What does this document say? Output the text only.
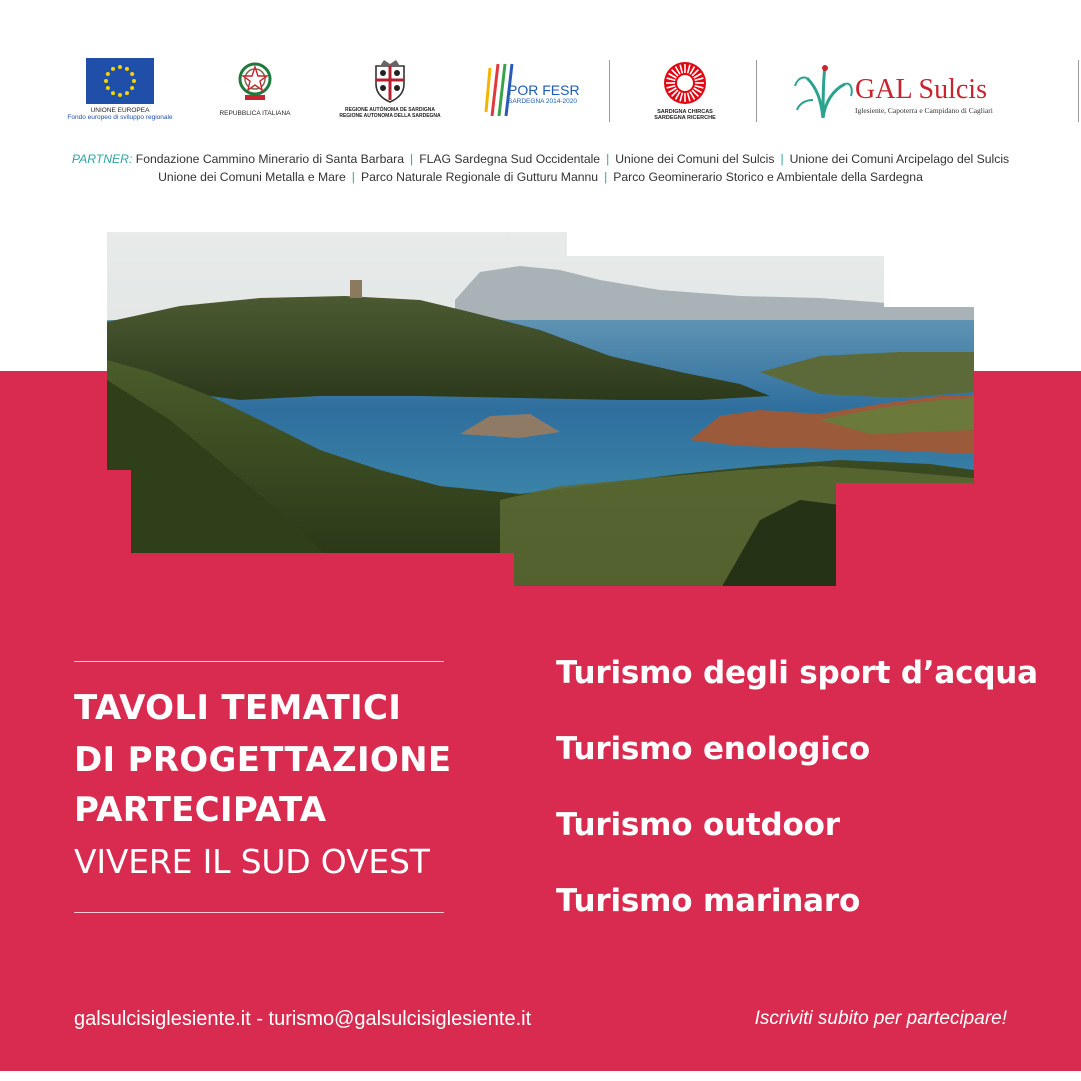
UNIONE EUROPEA
Fondo europeo di sviluppo regionale
REPUBBLICA ITALIANA	REGIONE AUTÒNOMA DE SARDIGNA
REGIONE AUTONOMA DELLA SARDEGNA
POR FESR
SARDEGNA 2014-2020
SARDIGNA CHIRCAS
SARDEGNA RICERCHE
GAL Sulcis
Iglesiente, Capoterra e Campidano di Cagliari
PARTNER: Fondazione Cammino Minerario di Santa Barbara | FLAG Sardegna Sud Occidentale | Unione dei Comuni del Sulcis | Unione dei Comuni Arcipelago del Sulcis
Unione dei Comuni Metalla e Mare | Parco Naturale Regionale di Gutturu Mannu | Parco Geominerario Storico e Ambientale della Sardegna
TAVOLI TEMATICI
DI PROGETTAZIONE
PARTECIPATA
VIVERE IL SUD OVEST
Turismo degli sport d’acqua
Turismo enologico
Turismo outdoor
Turismo marinaro
galsulcisiglesiente.it - turismo@galsulcisiglesiente.it	Iscriviti subito per partecipare!
